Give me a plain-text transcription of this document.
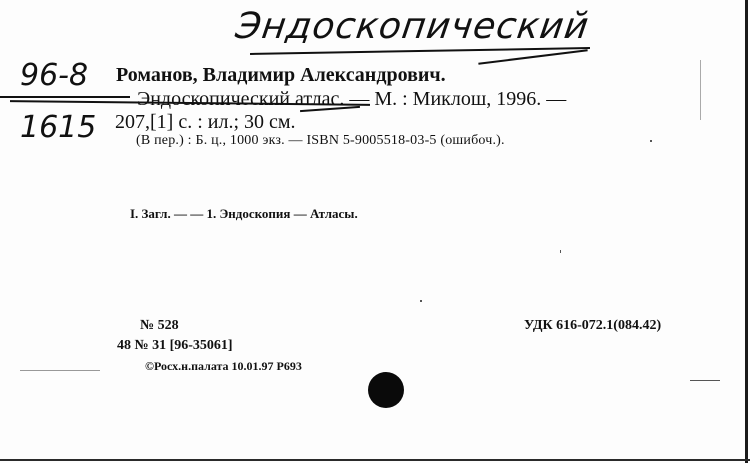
Эндоскопический
96-8
1615
Романов, Владимир Александрович.
Эндоскопический атлас. — М. : Миклош, 1996. —
207,[1] с. : ил.; 30 см.
(В пер.) : Б. ц., 1000 экз. — ISBN 5-9005518-03-5 (ошибоч.).
I. Загл. — — 1. Эндоскопия — Атласы.
№ 528	УДК 616-072.1(084.42)
48 № 31 [96-35061]
©Росх.н.палата 10.01.97 Р693
